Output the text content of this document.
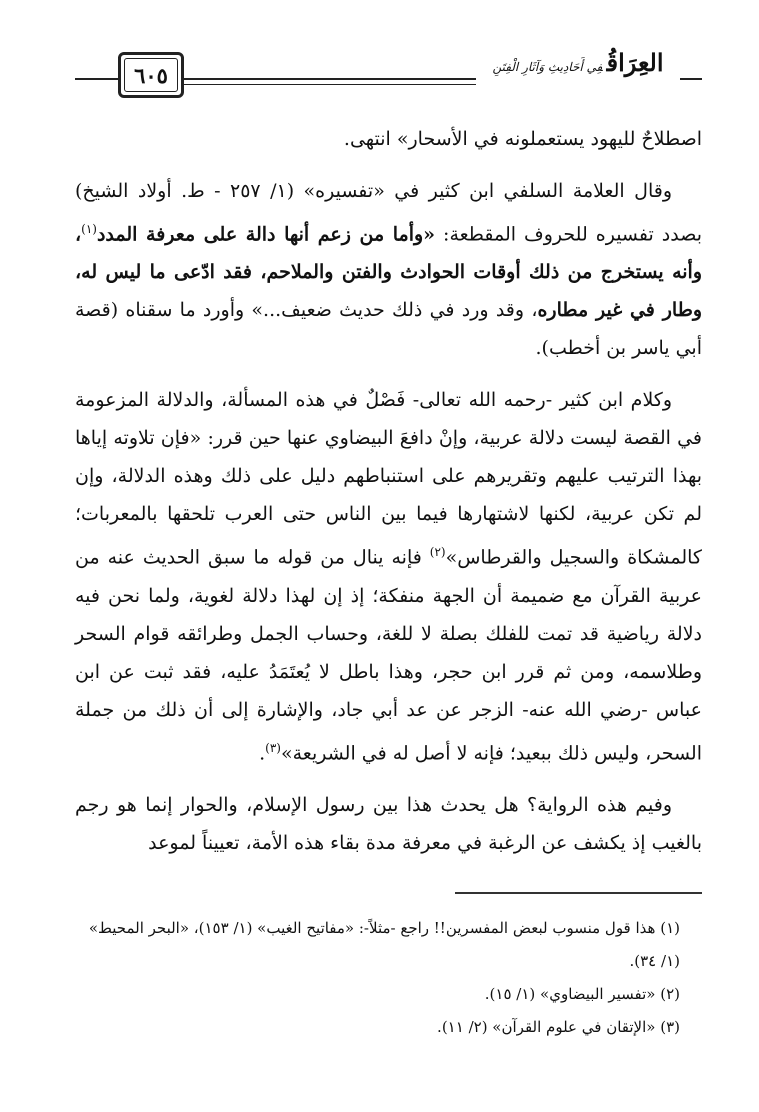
٦٠٥	العِرَاقُفِي أَحَادِيثِ وَآثَارِ الْفِتَنِ

اصطلاحٌ لليهود يستعملونه في الأسحار» انتهى.

وقال العلامة السلفي ابن كثير في «تفسيره» (١/ ٢٥٧ - ط. أولاد الشيخ) بصدد تفسيره للحروف المقطعة: «وأما من زعم أنها دالة على معرفة المدد$^{(١)}$، وأنه يستخرج من ذلك أوقات الحوادث والفتن والملاحم، فقد ادّعى ما ليس له، وطار في غير مطاره، وقد ورد في ذلك حديث ضعيف...» وأورد ما سقناه (قصة أبي ياسر بن أخطب).

وكلام ابن كثير -رحمه الله تعالى- فَصْلٌ في هذه المسألة، والدلالة المزعومة في القصة ليست دلالة عربية، وإنْ دافعَ البيضاوي عنها حين قرر: «فإن تلاوته إياها بهذا الترتيب عليهم وتقريرهم على استنباطهم دليل على ذلك وهذه الدلالة، وإن لم تكن عربية، لكنها لاشتهارها فيما بين الناس حتى العرب تلحقها بالمعربات؛ كالمشكاة والسجيل والقرطاس»$^{(٢)}$ فإنه ينال من قوله ما سبق الحديث عنه من عربية القرآن مع ضميمة أن الجهة منفكة؛ إذ إن لهذا دلالة لغوية، ولما نحن فيه دلالة رياضية قد تمت للفلك بصلة لا للغة، وحساب الجمل وطرائقه قوام السحر وطلاسمه، ومن ثم قرر ابن حجر، وهذا باطل لا يُعتَمَدُ عليه، فقد ثبت عن ابن عباس -رضي الله عنه- الزجر عن عد أبي جاد، والإشارة إلى أن ذلك من جملة السحر، وليس ذلك ببعيد؛ فإنه لا أصل له في الشريعة»$^{(٣)}$.

وفيم هذه الرواية؟ هل يحدث هذا بين رسول الإسلام، والحوار إنما هو رجم بالغيب إذ يكشف عن الرغبة في معرفة مدة بقاء هذه الأمة، تعييناً لموعد

(١) هذا قول منسوب لبعض المفسرين!! راجع -مثلاً-: «مفاتيح الغيب» (١/ ١٥٣)، «البحر المحيط» (١/ ٣٤).

(٢) «تفسير البيضاوي» (١/ ١٥).

(٣) «الإتقان في علوم القرآن» (٢/ ١١).
